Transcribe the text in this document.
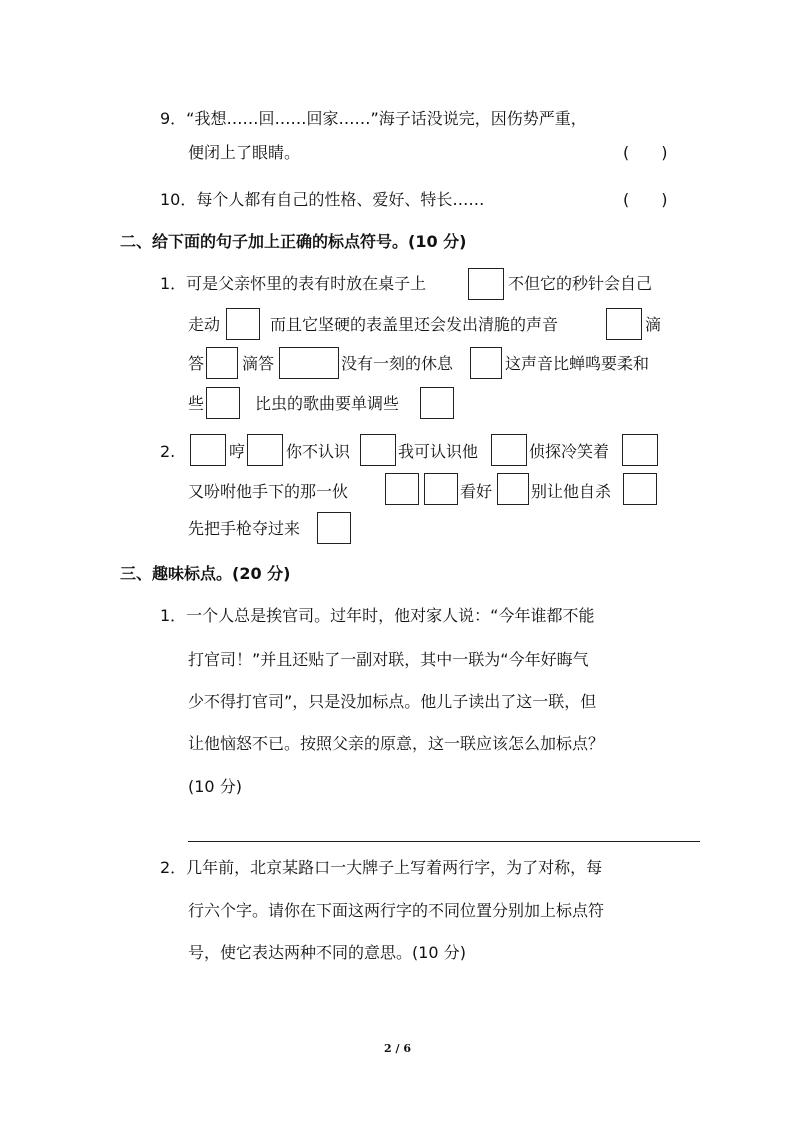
9．“我想……回……回家……”海子话没说完，因伤势严重，
便闭上了眼睛。	(　　)
10．每个人都有自己的性格、爱好、特长……	(　　)
二、给下面的句子加上正确的标点符号。(10 分)
1．可是父亲怀里的表有时放在桌子上	不但它的秒针会自己
走动	而且它坚硬的表盖里还会发出清脆的声音	滴
答 滴答	没有一刻的休息	这声音比蝉鸣要柔和
些	比虫的歌曲要单调些
2.	哼	你不认识	我可认识他	侦探冷笑着
又吩咐他手下的那一伙	看好 别让他自杀
先把手枪夺过来
三、趣味标点。(20 分)
1．一个人总是挨官司。过年时，他对家人说：“今年谁都不能
打官司！”并且还贴了一副对联，其中一联为“今年好晦气
少不得打官司”，只是没加标点。他儿子读出了这一联，但
让他恼怒不已。按照父亲的原意，这一联应该怎么加标点？
(10 分)
2．几年前，北京某路口一大牌子上写着两行字，为了对称，每
行六个字。请你在下面这两行字的不同位置分别加上标点符
号，使它表达两种不同的意思。(10 分)
2 / 6
